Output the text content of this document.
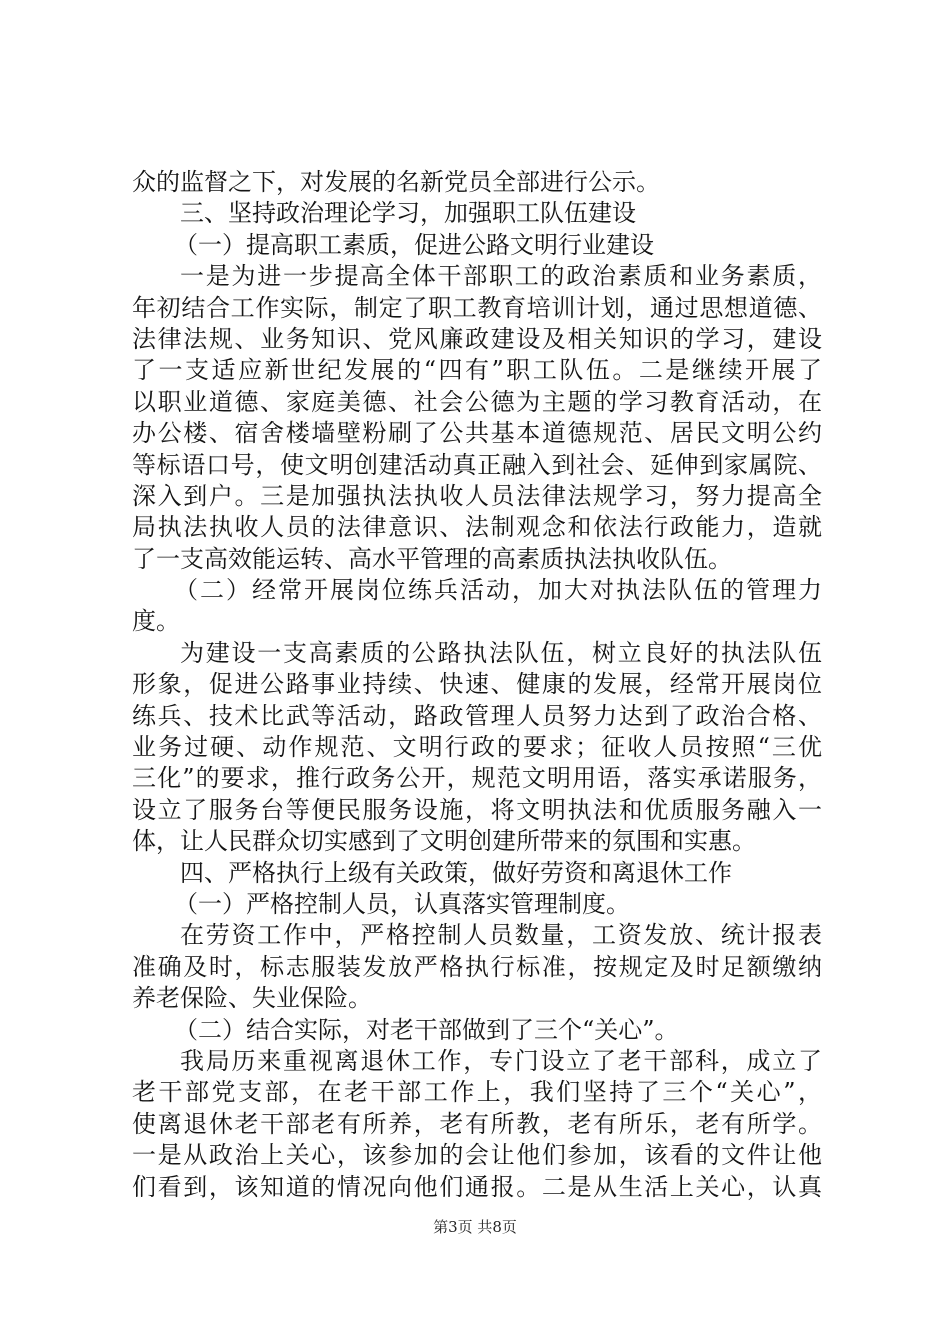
众的监督之下，对发展的名新党员全部进行公示。
三、坚持政治理论学习，加强职工队伍建设
（一）提高职工素质，促进公路文明行业建设
一是为进一步提高全体干部职工的政治素质和业务素质，
年初结合工作实际，制定了职工教育培训计划，通过思想道德、
法律法规、业务知识、党风廉政建设及相关知识的学习，建设
了一支适应新世纪发展的“四有”职工队伍。二是继续开展了
以职业道德、家庭美德、社会公德为主题的学习教育活动，在
办公楼、宿舍楼墙壁粉刷了公共基本道德规范、居民文明公约
等标语口号，使文明创建活动真正融入到社会、延伸到家属院、
深入到户。三是加强执法执收人员法律法规学习，努力提高全
局执法执收人员的法律意识、法制观念和依法行政能力，造就
了一支高效能运转、高水平管理的高素质执法执收队伍。
（二）经常开展岗位练兵活动，加大对执法队伍的管理力
度。
为建设一支高素质的公路执法队伍，树立良好的执法队伍
形象，促进公路事业持续、快速、健康的发展，经常开展岗位
练兵、技术比武等活动，路政管理人员努力达到了政治合格、
业务过硬、动作规范、文明行政的要求；征收人员按照“三优
三化”的要求，推行政务公开，规范文明用语，落实承诺服务，
设立了服务台等便民服务设施，将文明执法和优质服务融入一
体，让人民群众切实感到了文明创建所带来的氛围和实惠。
四、严格执行上级有关政策，做好劳资和离退休工作
（一）严格控制人员，认真落实管理制度。
在劳资工作中，严格控制人员数量，工资发放、统计报表
准确及时，标志服装发放严格执行标准，按规定及时足额缴纳
养老保险、失业保险。
（二）结合实际，对老干部做到了三个“关心”。
我局历来重视离退休工作，专门设立了老干部科，成立了
老干部党支部，在老干部工作上，我们坚持了三个“关心”，
使离退休老干部老有所养，老有所教，老有所乐，老有所学。
一是从政治上关心，该参加的会让他们参加，该看的文件让他
们看到，该知道的情况向他们通报。二是从生活上关心，认真
第3页 共8页
